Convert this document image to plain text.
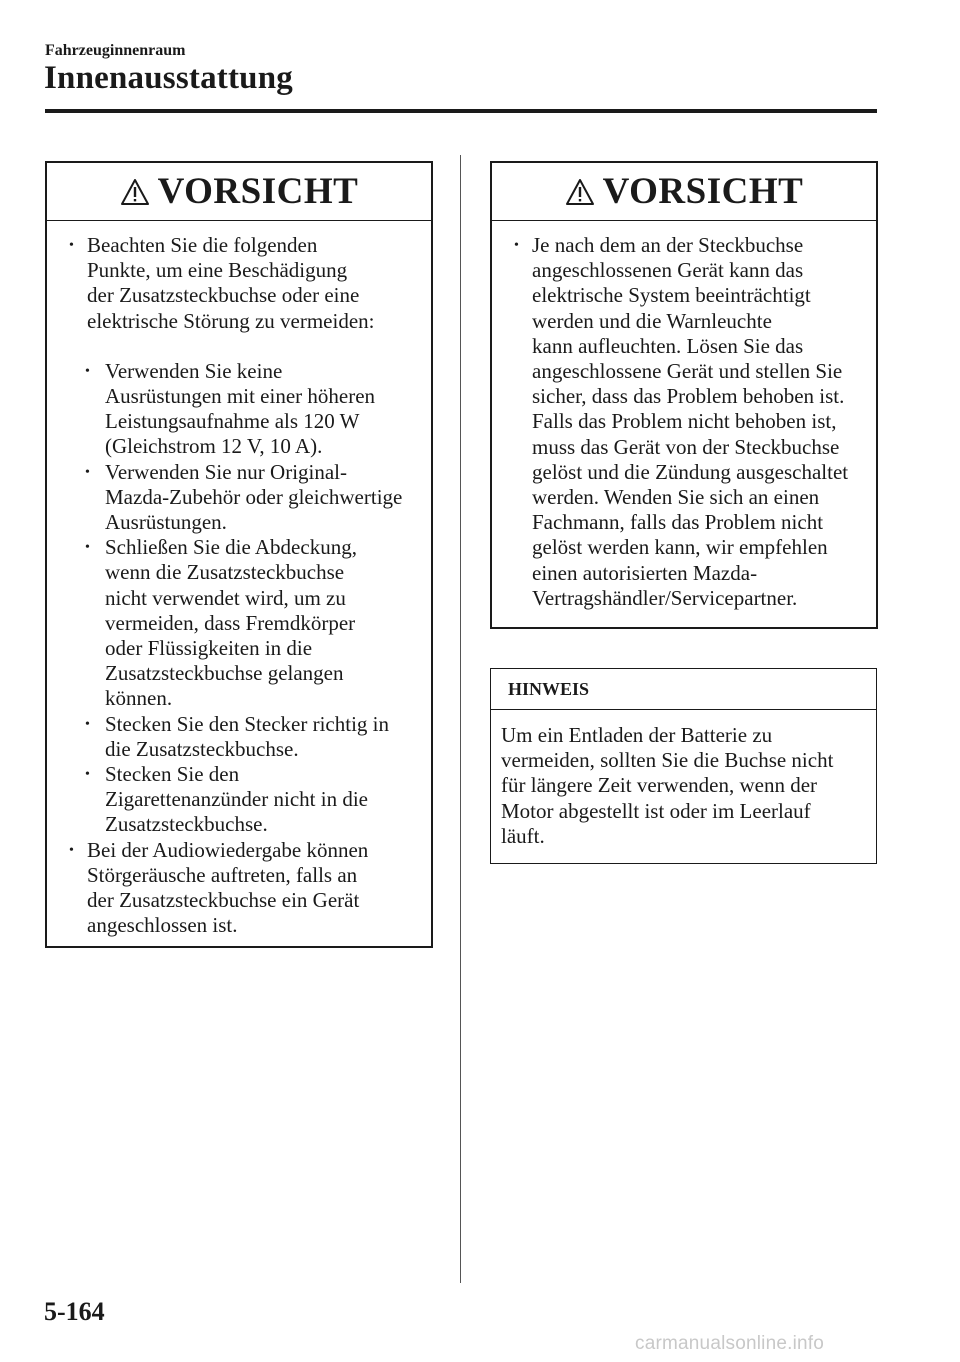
Fahrzeuginnenraum
Innenausstattung
VORSICHT
• Beachten Sie die folgenden
Punkte, um eine Beschädigung
der Zusatzsteckbuchse oder eine
elektrische Störung zu vermeiden:
• Verwenden Sie keine
Ausrüstungen mit einer höheren
Leistungsaufnahme als 120 W
(Gleichstrom 12 V, 10 A).
• Verwenden Sie nur Original-
Mazda-Zubehör oder gleichwertige
Ausrüstungen.
• Schließen Sie die Abdeckung,
wenn die Zusatzsteckbuchse
nicht verwendet wird, um zu
vermeiden, dass Fremdkörper
oder Flüssigkeiten in die
Zusatzsteckbuchse gelangen
können.
• Stecken Sie den Stecker richtig in
die Zusatzsteckbuchse.
• Stecken Sie den
Zigarettenanzünder nicht in die
Zusatzsteckbuchse.
• Bei der Audiowiedergabe können
Störgeräusche auftreten, falls an
der Zusatzsteckbuchse ein Gerät
angeschlossen ist.
VORSICHT
• Je nach dem an der Steckbuchse
angeschlossenen Gerät kann das
elektrische System beeinträchtigt
werden und die Warnleuchte
kann aufleuchten. Lösen Sie das
angeschlossene Gerät und stellen Sie
sicher, dass das Problem behoben ist.
Falls das Problem nicht behoben ist,
muss das Gerät von der Steckbuchse
gelöst und die Zündung ausgeschaltet
werden. Wenden Sie sich an einen
Fachmann, falls das Problem nicht
gelöst werden kann, wir empfehlen
einen autorisierten Mazda-
Vertragshändler/Servicepartner.
HINWEIS
Um ein Entladen der Batterie zu
vermeiden, sollten Sie die Buchse nicht
für längere Zeit verwenden, wenn der
Motor abgestellt ist oder im Leerlauf
läuft.
5-164
carmanualsonline.info
